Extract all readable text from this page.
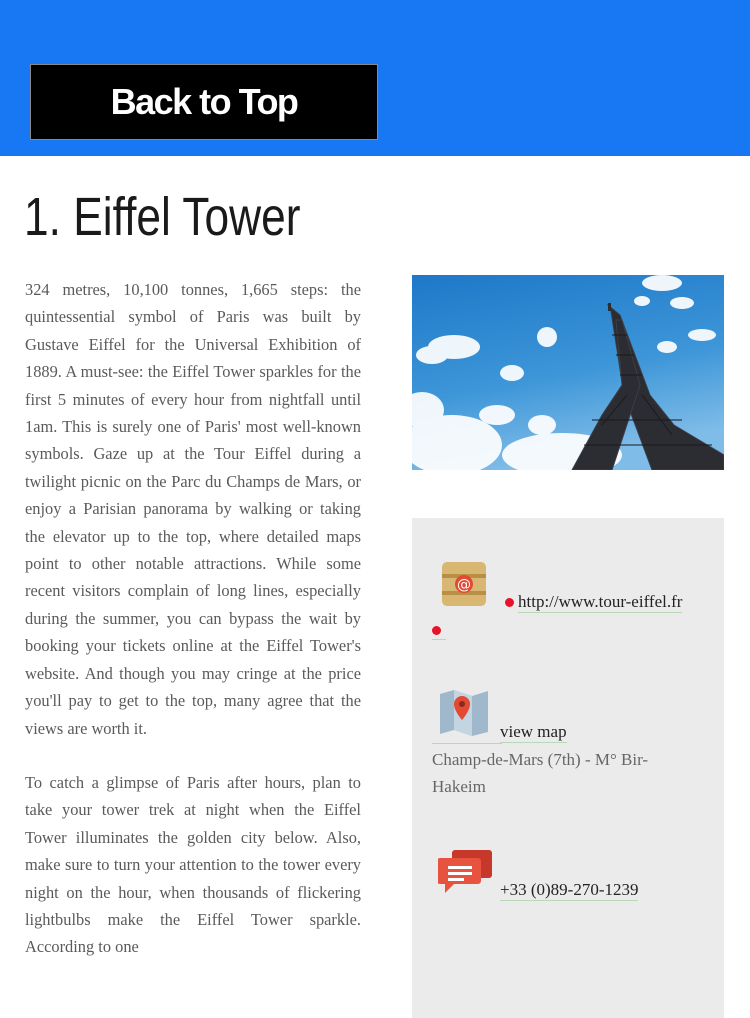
Back to Top Attraction
1. Eiffel Tower

324 metres, 10,100 tonnes, 1,665 steps: the quintessential symbol of Paris was built by Gustave Eiffel for the Universal Exhibition of 1889. A must-see: the Eiffel Tower sparkles for the first 5 minutes of every hour from nightfall until 1am. This is surely one of Paris' most well-known symbols. Gaze up at the Tour Eiffel during a twilight picnic on the Parc du Champs de Mars, or enjoy a Parisian panorama by walking or taking the elevator up to the top, where detailed maps point to other notable attractions. While some recent visitors complain of long lines, especially during the summer, you can bypass the wait by booking your tickets online at the Eiffel Tower's website. And though you may cringe at the price you'll pay to get to the top, many agree that the views are worth it.

To catch a glimpse of Paris after hours, plan to take your tower trek at night when the Eiffel Tower illuminates the golden city below. Also, make sure to turn your attention to the tower every night on the hour, when thousands of flickering lightbulbs make the Eiffel Tower sparkle. According to one

@
http://www.tour-eiffel.fr
view map
Champ-de-Mars (7th) - M° Bir-Hakeim
+33 (0)89-270-1239
